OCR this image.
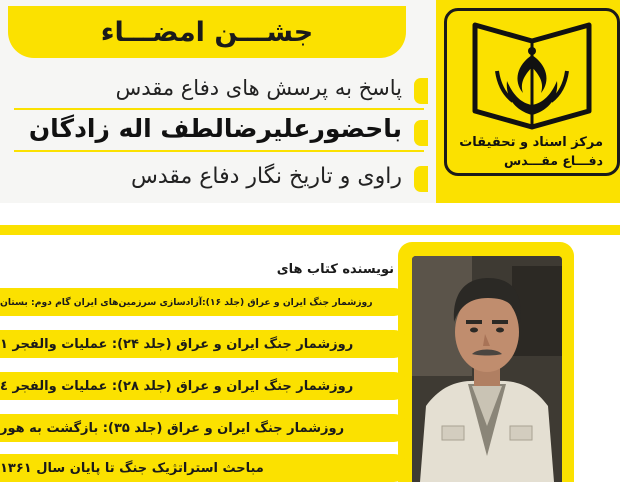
جشـــن امضـــاء
پاسخ به پرسش های دفاع مقدس
باحضورعلیرضالطف اله زادگان
راوی و تاریخ نگار دفاع مقدس
مرکز اسناد و تحقیقات
دفـــاع مقـــدس
نویسنده کتاب های
روزشمار جنگ ایران و عراق (جلد ۱۶):آزادسازی سرزمین‌های ایران گام دوم: بستان
روزشمار جنگ ایران و عراق (جلد ۲۴): عملیات والفجر ۱
روزشمار جنگ ایران و عراق (جلد ۲۸): عملیات والفجر ٤
روزشمار جنگ ایران و عراق (جلد ۳۵): بازگشت به هور
مباحث استراتژیک جنگ تا پایان سال ۱۳۶۱
